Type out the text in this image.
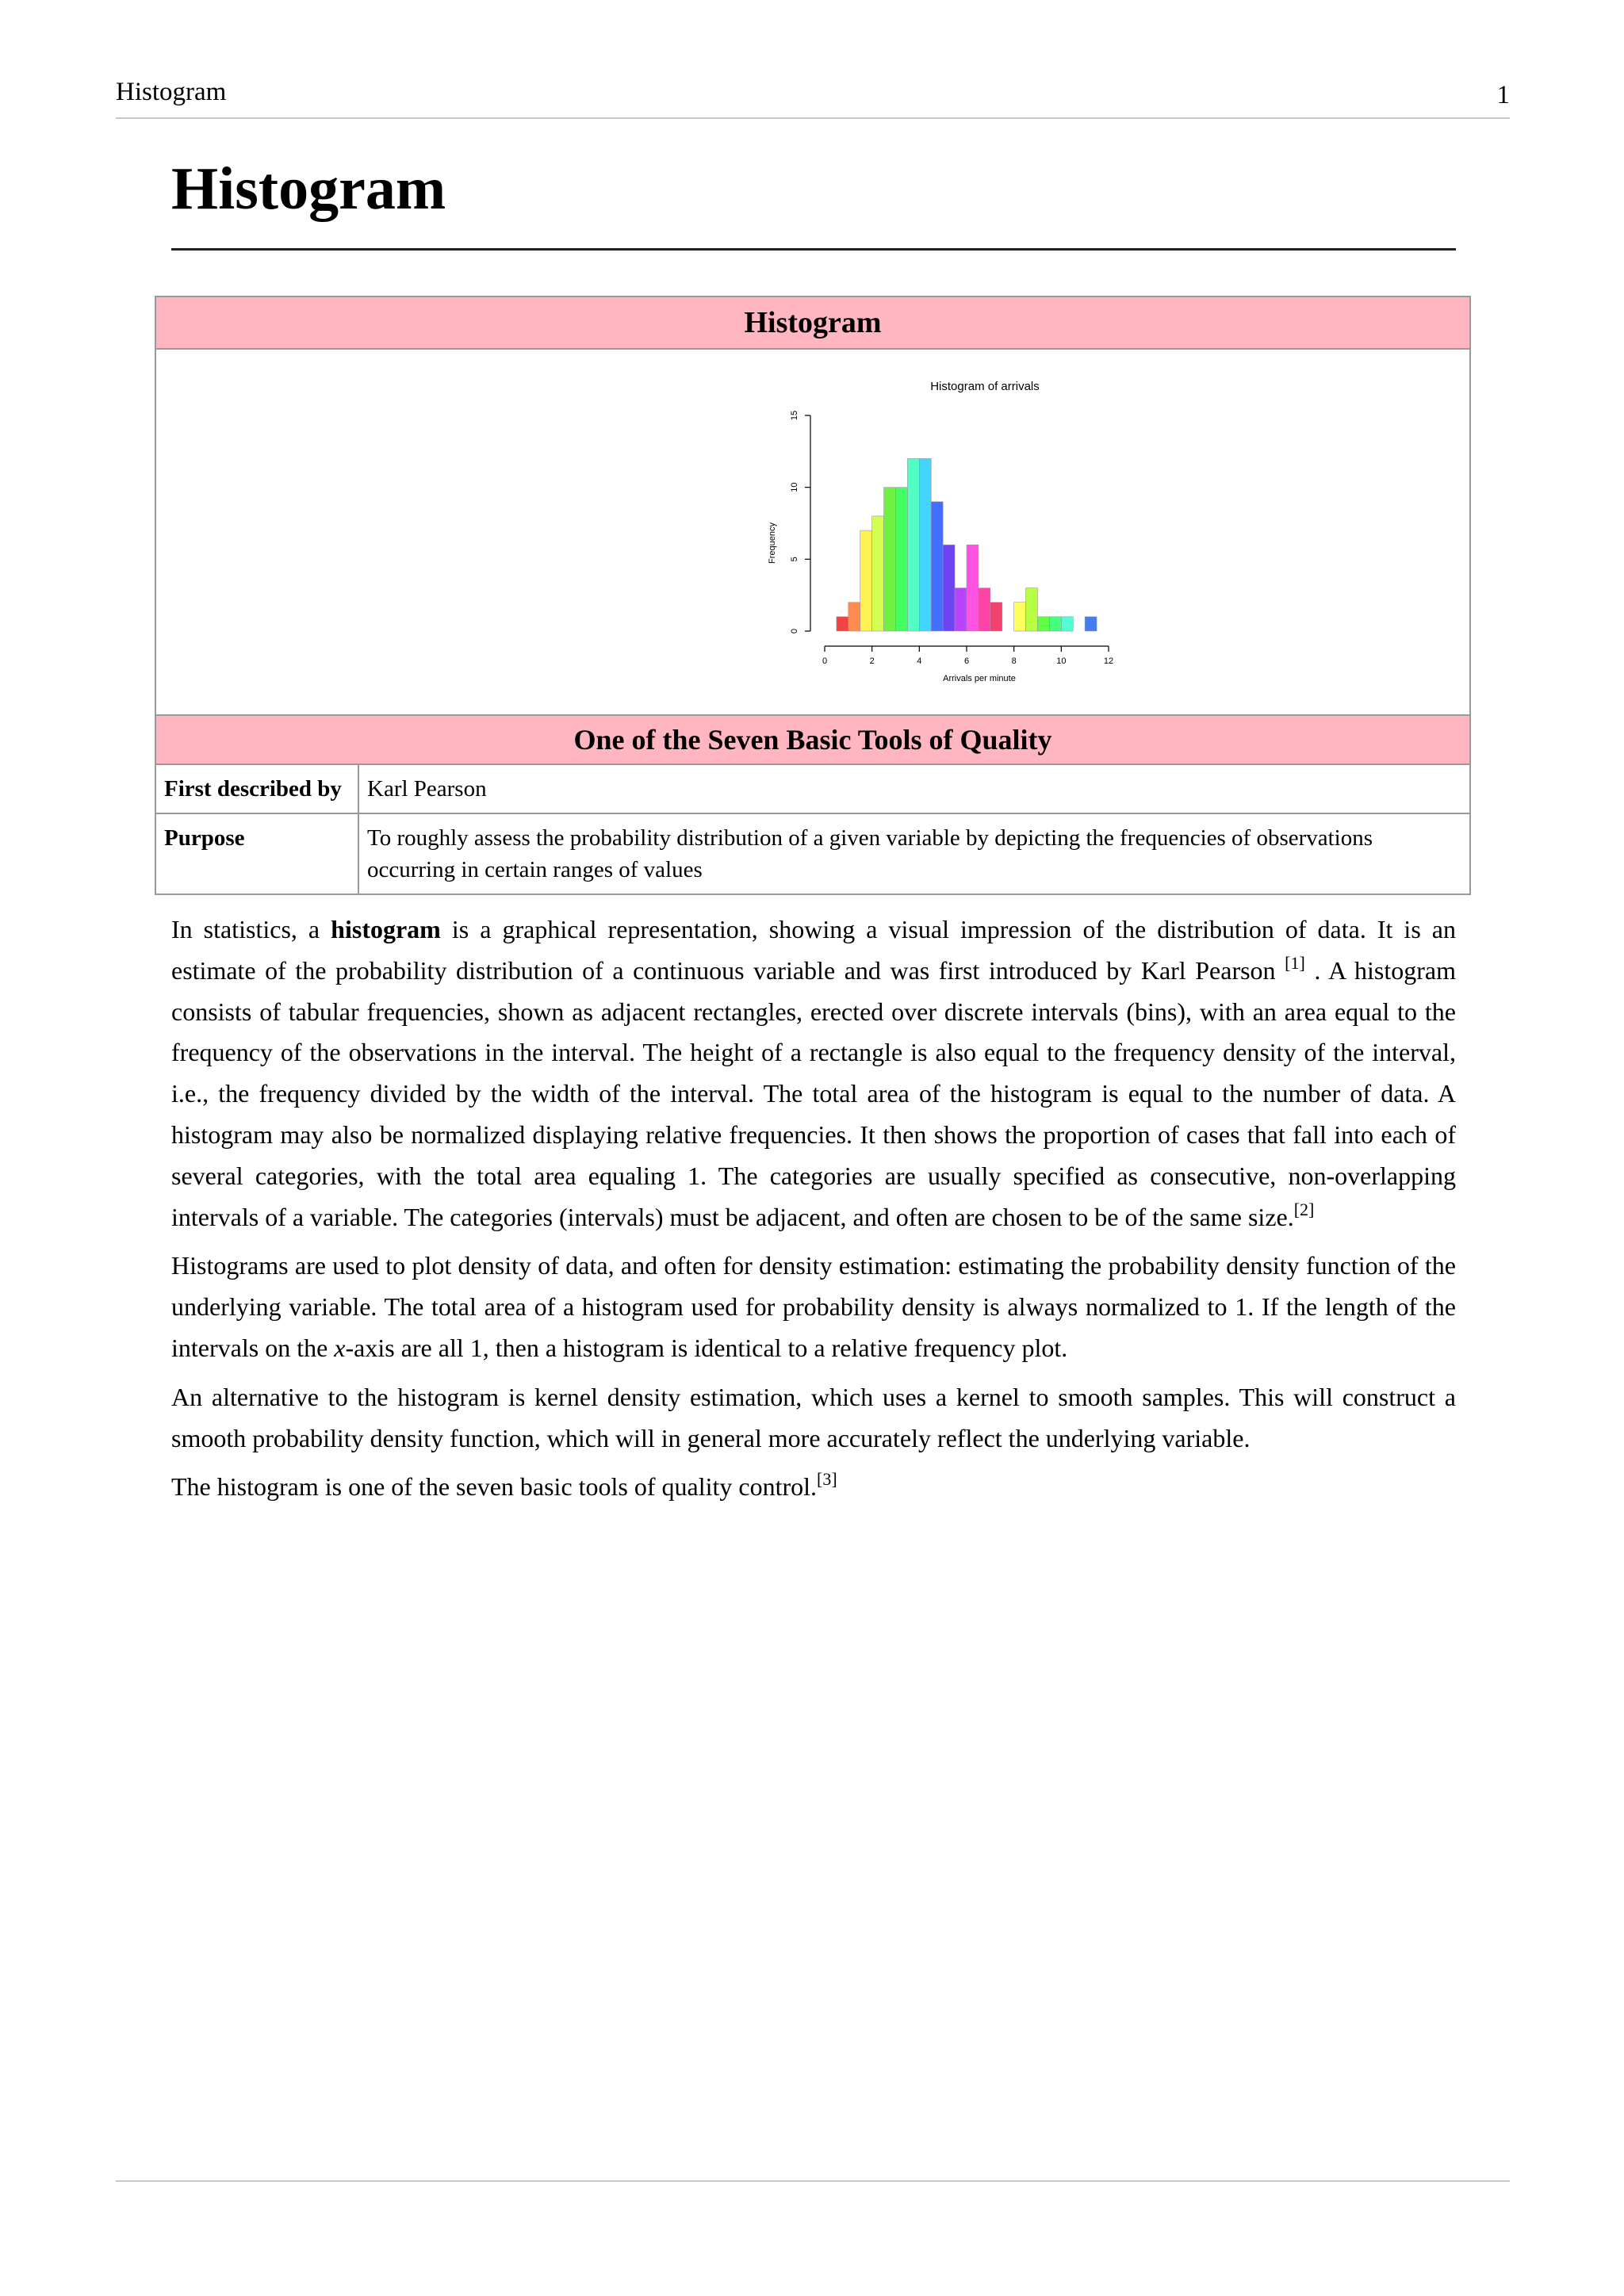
Histogram	1
Histogram
Histogram
Histogram of arrivals
Frequency
Arrivals per minute
0	2	4	6	8	10	12
0
5
10
15
One of the Seven Basic Tools of Quality
First described by	Karl Pearson
Purpose	To roughly assess the probability distribution of a given variable by depicting the frequencies of observations occurring in certain ranges of values

In statistics, a histogram is a graphical representation, showing a visual impression of the distribution of data. It is an estimate of the probability distribution of a continuous variable and was first introduced by Karl Pearson [1] . A histogram consists of tabular frequencies, shown as adjacent rectangles, erected over discrete intervals (bins), with an area equal to the frequency of the observations in the interval. The height of a rectangle is also equal to the frequency density of the interval, i.e., the frequency divided by the width of the interval. The total area of the histogram is equal to the number of data. A histogram may also be normalized displaying relative frequencies. It then shows the proportion of cases that fall into each of several categories, with the total area equaling 1. The categories are usually specified as consecutive, non-overlapping intervals of a variable. The categories (intervals) must be adjacent, and often are chosen to be of the same size.[2]

Histograms are used to plot density of data, and often for density estimation: estimating the probability density function of the underlying variable. The total area of a histogram used for probability density is always normalized to 1. If the length of the intervals on the x-axis are all 1, then a histogram is identical to a relative frequency plot.

An alternative to the histogram is kernel density estimation, which uses a kernel to smooth samples. This will construct a smooth probability density function, which will in general more accurately reflect the underlying variable.

The histogram is one of the seven basic tools of quality control.[3]
